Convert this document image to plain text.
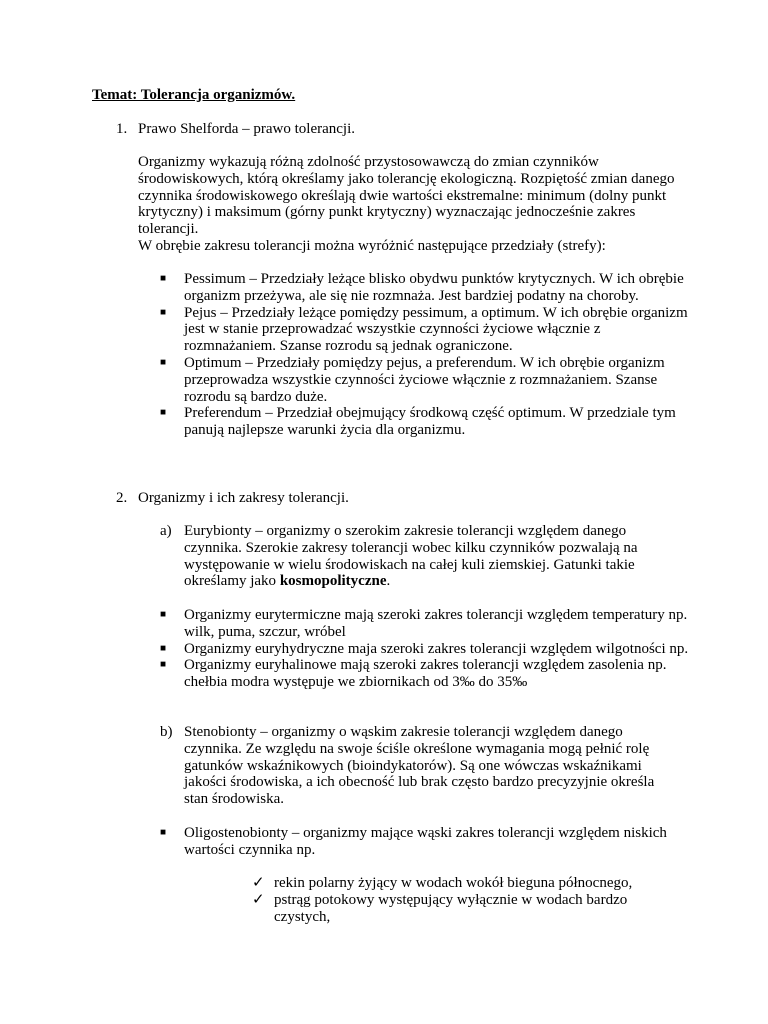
Temat: Tolerancja organizmów.
1. Prawo Shelforda – prawo tolerancji.

Organizmy wykazują różną zdolność przystosowawczą do zmian czynników środowiskowych, którą określamy jako tolerancję ekologiczną. Rozpiętość zmian danego czynnika środowiskowego określają dwie wartości ekstremalne: minimum (dolny punkt krytyczny) i maksimum (górny punkt krytyczny) wyznaczając jednocześnie zakres tolerancji.

W obrębie zakresu tolerancji można wyróżnić następujące przedziały (strefy):

■	Pessimum – Przedziały leżące blisko obydwu punktów krytycznych. W ich obrębie organizm przeżywa, ale się nie rozmnaża. Jest bardziej podatny na choroby.
■	Pejus – Przedziały leżące pomiędzy pessimum, a optimum. W ich obrębie organizm jest w stanie przeprowadzać wszystkie czynności życiowe włącznie z rozmnażaniem. Szanse rozrodu są jednak ograniczone.
■	Optimum – Przedziały pomiędzy pejus, a preferendum. W ich obrębie organizm przeprowadza wszystkie czynności życiowe włącznie z rozmnażaniem. Szanse rozrodu są bardzo duże.
■	Preferendum – Przedział obejmujący środkową część optimum. W przedziale tym panują najlepsze warunki życia dla organizmu.
2. Organizmy i ich zakresy tolerancji.
a) Eurybionty – organizmy o szerokim zakresie tolerancji względem danego czynnika. Szerokie zakresy tolerancji wobec kilku czynników pozwalają na występowanie w wielu środowiskach na całej kuli ziemskiej. Gatunki takie określamy jako kosmopolityczne.
■	Organizmy eurytermiczne mają szeroki zakres tolerancji względem temperatury np. wilk, puma, szczur, wróbel
■	Organizmy euryhydryczne maja szeroki zakres tolerancji względem wilgotności np.
■	Organizmy euryhalinowe mają szeroki zakres tolerancji względem zasolenia np. chełbia modra występuje we zbiornikach od 3‰ do 35‰
b) Stenobionty – organizmy o wąskim zakresie tolerancji względem danego czynnika. Ze względu na swoje ściśle określone wymagania mogą pełnić rolę gatunków wskaźnikowych (bioindykatorów). Są one wówczas wskaźnikami jakości środowiska, a ich obecność lub brak często bardzo precyzyjnie określa stan środowiska.
■	Oligostenobionty – organizmy mające wąski zakres tolerancji względem niskich wartości czynnika np.
✓ rekin polarny żyjący w wodach wokół bieguna północnego,
✓ pstrąg potokowy występujący wyłącznie w wodach bardzo czystych,
